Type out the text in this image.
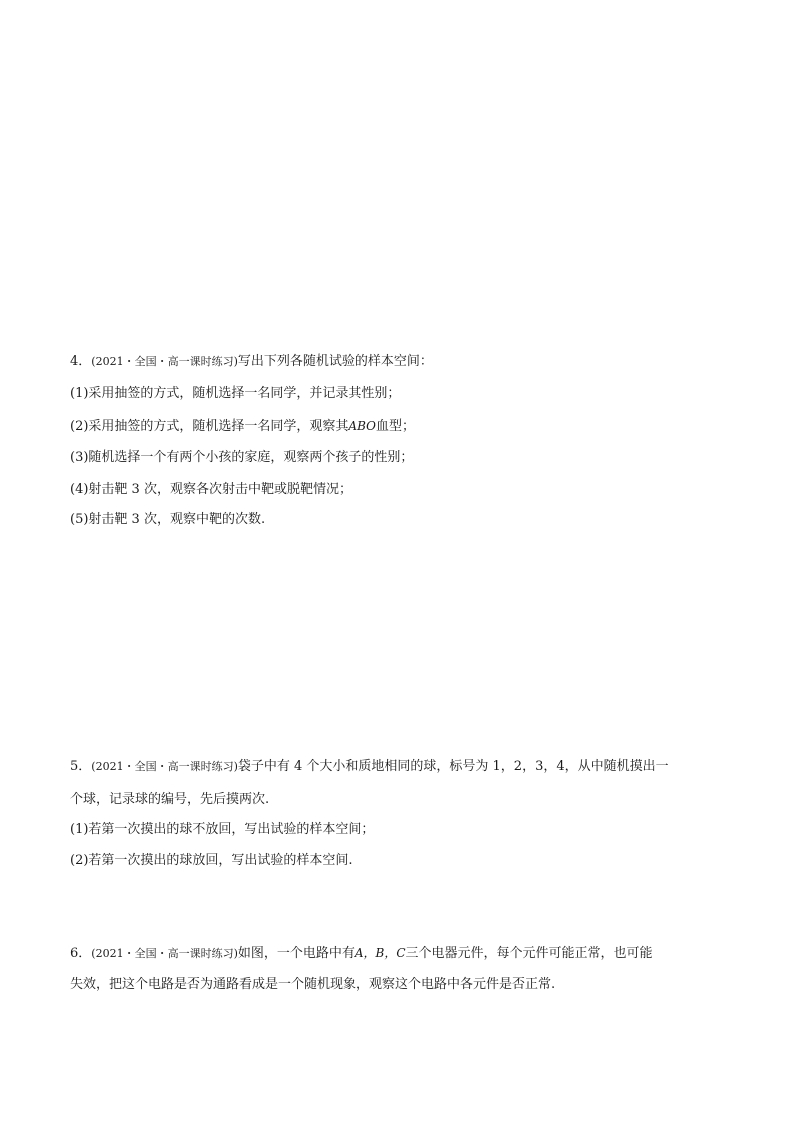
4．(2021・全国・高一课时练习)写出下列各随机试验的样本空间：
(1)采用抽签的方式，随机选择一名同学，并记录其性别；
(2)采用抽签的方式，随机选择一名同学，观察其ABO血型；
(3)随机选择一个有两个小孩的家庭，观察两个孩子的性别；
(4)射击靶 3 次，观察各次射击中靶或脱靶情况；
(5)射击靶 3 次，观察中靶的次数.
5．(2021・全国・高一课时练习)袋子中有 4 个大小和质地相同的球，标号为 1，2，3，4，从中随机摸出一
个球，记录球的编号，先后摸两次.
(1)若第一次摸出的球不放回，写出试验的样本空间；
(2)若第一次摸出的球放回，写出试验的样本空间.
6．(2021・全国・高一课时练习)如图，一个电路中有A，B，C三个电器元件，每个元件可能正常，也可能
失效，把这个电路是否为通路看成是一个随机现象，观察这个电路中各元件是否正常.
